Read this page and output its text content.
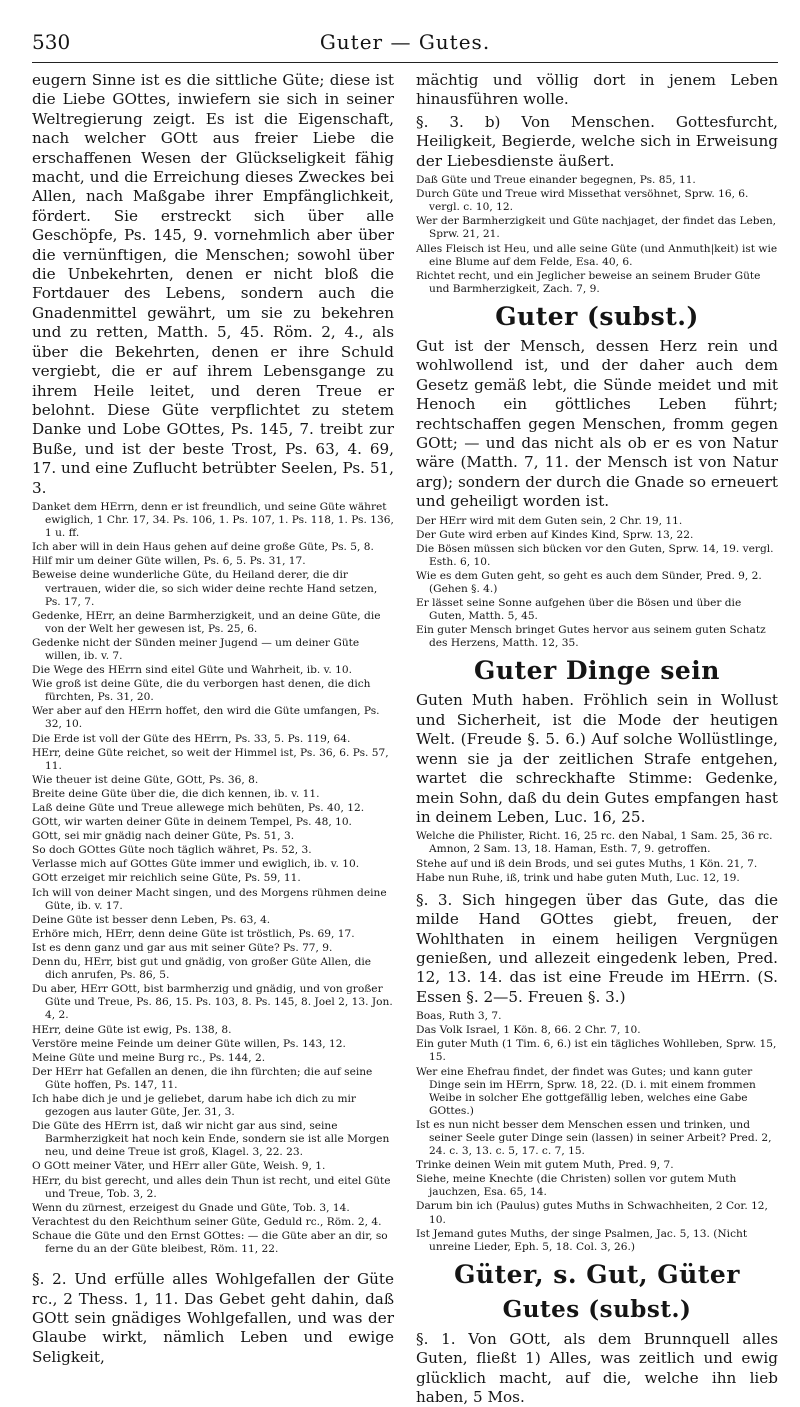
530	Guter — Gutes.

eugern Sinne ist es die sittliche Güte; diese ist die Liebe GOttes, inwiefern sie sich in seiner Weltregierung zeigt. Es ist die Eigenschaft, nach welcher GOtt aus freier Liebe die erschaffenen Wesen der Glückseligkeit fähig macht, und die Erreichung dieses Zweckes bei Allen, nach Maßgabe ihrer Empfänglichkeit, fördert. Sie erstreckt sich über alle Geschöpfe, Ps. 145, 9. vornehmlich aber über die vernünftigen, die Menschen; sowohl über die Unbekehrten, denen er nicht bloß die Fortdauer des Lebens, sondern auch die Gnadenmittel gewährt, um sie zu bekehren und zu retten, Matth. 5, 45. Röm. 2, 4., als über die Bekehrten, denen er ihre Schuld vergiebt, die er auf ihrem Lebensgange zu ihrem Heile leitet, und deren Treue er belohnt. Diese Güte verpflichtet zu stetem Danke und Lobe GOttes, Ps. 145, 7. treibt zur Buße, und ist der beste Trost, Ps. 63, 4. 69, 17. und eine Zuflucht betrübter Seelen, Ps. 51, 3.

Danket dem HErrn, denn er ist freundlich, und seine Güte währet ewiglich, 1 Chr. 17, 34. Ps. 106, 1. Ps. 107, 1. Ps. 118, 1. Ps. 136, 1 u. ff.

Ich aber will in dein Haus gehen auf deine große Güte, Ps. 5, 8.

Hilf mir um deiner Güte willen, Ps. 6, 5. Ps. 31, 17.

Beweise deine wunderliche Güte, du Heiland derer, die dir vertrauen, wider die, so sich wider deine rechte Hand setzen, Ps. 17, 7.

Gedenke, HErr, an deine Barmherzigkeit, und an deine Güte, die von der Welt her gewesen ist, Ps. 25, 6.

Gedenke nicht der Sünden meiner Jugend — um deiner Güte willen, ib. v. 7.

Die Wege des HErrn sind eitel Güte und Wahrheit, ib. v. 10.

Wie groß ist deine Güte, die du verborgen hast denen, die dich fürchten, Ps. 31, 20.

Wer aber auf den HErrn hoffet, den wird die Güte umfangen, Ps. 32, 10.

Die Erde ist voll der Güte des HErrn, Ps. 33, 5. Ps. 119, 64.

HErr, deine Güte reichet, so weit der Himmel ist, Ps. 36, 6. Ps. 57, 11.

Wie theuer ist deine Güte, GOtt, Ps. 36, 8.

Breite deine Güte über die, die dich kennen, ib. v. 11.

Laß deine Güte und Treue allewege mich behüten, Ps. 40, 12.

GOtt, wir warten deiner Güte in deinem Tempel, Ps. 48, 10.

GOtt, sei mir gnädig nach deiner Güte, Ps. 51, 3.

So doch GOttes Güte noch täglich währet, Ps. 52, 3.

Verlasse mich auf GOttes Güte immer und ewiglich, ib. v. 10.

GOtt erzeiget mir reichlich seine Güte, Ps. 59, 11.

Ich will von deiner Macht singen, und des Morgens rühmen deine Güte, ib. v. 17.

Deine Güte ist besser denn Leben, Ps. 63, 4.

Erhöre mich, HErr, denn deine Güte ist tröstlich, Ps. 69, 17.

Ist es denn ganz und gar aus mit seiner Güte? Ps. 77, 9.

Denn du, HErr, bist gut und gnädig, von großer Güte Allen, die dich anrufen, Ps. 86, 5.

Du aber, HErr GOtt, bist barmherzig und gnädig, und von großer Güte und Treue, Ps. 86, 15. Ps. 103, 8. Ps. 145, 8. Joel 2, 13. Jon. 4, 2.

HErr, deine Güte ist ewig, Ps. 138, 8.

Verstöre meine Feinde um deiner Güte willen, Ps. 143, 12.

Meine Güte und meine Burg rc., Ps. 144, 2.

Der HErr hat Gefallen an denen, die ihn fürchten; die auf seine Güte hoffen, Ps. 147, 11.

Ich habe dich je und je geliebet, darum habe ich dich zu mir gezogen aus lauter Güte, Jer. 31, 3.

Die Güte des HErrn ist, daß wir nicht gar aus sind, seine Barmherzigkeit hat noch kein Ende, sondern sie ist alle Morgen neu, und deine Treue ist groß, Klagel. 3, 22. 23.

O GOtt meiner Väter, und HErr aller Güte, Weish. 9, 1.

HErr, du bist gerecht, und alles dein Thun ist recht, und eitel Güte und Treue, Tob. 3, 2.

Wenn du zürnest, erzeigest du Gnade und Güte, Tob. 3, 14.

Verachtest du den Reichthum seiner Güte, Geduld rc., Röm. 2, 4.

Schaue die Güte und den Ernst GOttes: — die Güte aber an dir, so ferne du an der Güte bleibest, Röm. 11, 22.

§. 2. Und erfülle alles Wohlgefallen der Güte rc., 2 Thess. 1, 11. Das Gebet geht dahin, daß GOtt sein gnädiges Wohlgefallen, und was der Glaube wirkt, nämlich Leben und ewige Seligkeit,

mächtig und völlig dort in jenem Leben hinausführen wolle.

§. 3. b) Von Menschen. Gottesfurcht, Heiligkeit, Begierde, welche sich in Erweisung der Liebesdienste äußert.

Daß Güte und Treue einander begegnen, Ps. 85, 11.

Durch Güte und Treue wird Missethat versöhnet, Sprw. 16, 6. vergl. c. 10, 12.

Wer der Barmherzigkeit und Güte nachjaget, der findet das Leben, Sprw. 21, 21.

Alles Fleisch ist Heu, und alle seine Güte (und Anmuth|keit) ist wie eine Blume auf dem Felde, Esa. 40, 6.

Richtet recht, und ein Jeglicher beweise an seinem Bruder Güte und Barmherzigkeit, Zach. 7, 9.

Guter (subst.)

Gut ist der Mensch, dessen Herz rein und wohlwollend ist, und der daher auch dem Gesetz gemäß lebt, die Sünde meidet und mit Henoch ein göttliches Leben führt; rechtschaffen gegen Menschen, fromm gegen GOtt; — und das nicht als ob er es von Natur wäre (Matth. 7, 11. der Mensch ist von Natur arg); sondern der durch die Gnade so erneuert und geheiligt worden ist.

Der HErr wird mit dem Guten sein, 2 Chr. 19, 11.

Der Gute wird erben auf Kindes Kind, Sprw. 13, 22.

Die Bösen müssen sich bücken vor den Guten, Sprw. 14, 19. vergl. Esth. 6, 10.

Wie es dem Guten geht, so geht es auch dem Sünder, Pred. 9, 2. (Gehen §. 4.)

Er lässet seine Sonne aufgehen über die Bösen und über die Guten, Matth. 5, 45.

Ein guter Mensch bringet Gutes hervor aus seinem guten Schatz des Herzens, Matth. 12, 35.

Guter Dinge sein

Guten Muth haben. Fröhlich sein in Wollust und Sicherheit, ist die Mode der heutigen Welt. (Freude §. 5. 6.) Auf solche Wollüstlinge, wenn sie ja der zeitlichen Strafe entgehen, wartet die schreckhafte Stimme: Gedenke, mein Sohn, daß du dein Gutes empfangen hast in deinem Leben, Luc. 16, 25.

Welche die Philister, Richt. 16, 25 rc. den Nabal, 1 Sam. 25, 36 rc. Amnon, 2 Sam. 13, 18. Haman, Esth. 7, 9. getroffen.

Stehe auf und iß dein Brods, und sei gutes Muths, 1 Kön. 21, 7.

Habe nun Ruhe, iß, trink und habe guten Muth, Luc. 12, 19.

§. 3. Sich hingegen über das Gute, das die milde Hand GOttes giebt, freuen, der Wohlthaten in einem heiligen Vergnügen genießen, und allezeit eingedenk leben, Pred. 12, 13. 14. das ist eine Freude im HErrn. (S. Essen §. 2—5. Freuen §. 3.)

Boas, Ruth 3, 7.

Das Volk Israel, 1 Kön. 8, 66. 2 Chr. 7, 10.

Ein guter Muth (1 Tim. 6, 6.) ist ein tägliches Wohlleben, Sprw. 15, 15.

Wer eine Ehefrau findet, der findet was Gutes; und kann guter Dinge sein im HErrn, Sprw. 18, 22. (D. i. mit einem frommen Weibe in solcher Ehe gottgefällig leben, welches eine Gabe GOttes.)

Ist es nun nicht besser dem Menschen essen und trinken, und seiner Seele guter Dinge sein (lassen) in seiner Arbeit? Pred. 2, 24. c. 3, 13. c. 5, 17. c. 7, 15.

Trinke deinen Wein mit gutem Muth, Pred. 9, 7.

Siehe, meine Knechte (die Christen) sollen vor gutem Muth jauchzen, Esa. 65, 14.

Darum bin ich (Paulus) gutes Muths in Schwachheiten, 2 Cor. 12, 10.

Ist Jemand gutes Muths, der singe Psalmen, Jac. 5, 13. (Nicht unreine Lieder, Eph. 5, 18. Col. 3, 26.)

Güter, s. Gut, Güter
Gutes (subst.)

§. 1. Von GOtt, als dem Brunnquell alles Guten, fließt 1) Alles, was zeitlich und ewig glücklich macht, auf die, welche ihn lieb haben, 5 Mos.
